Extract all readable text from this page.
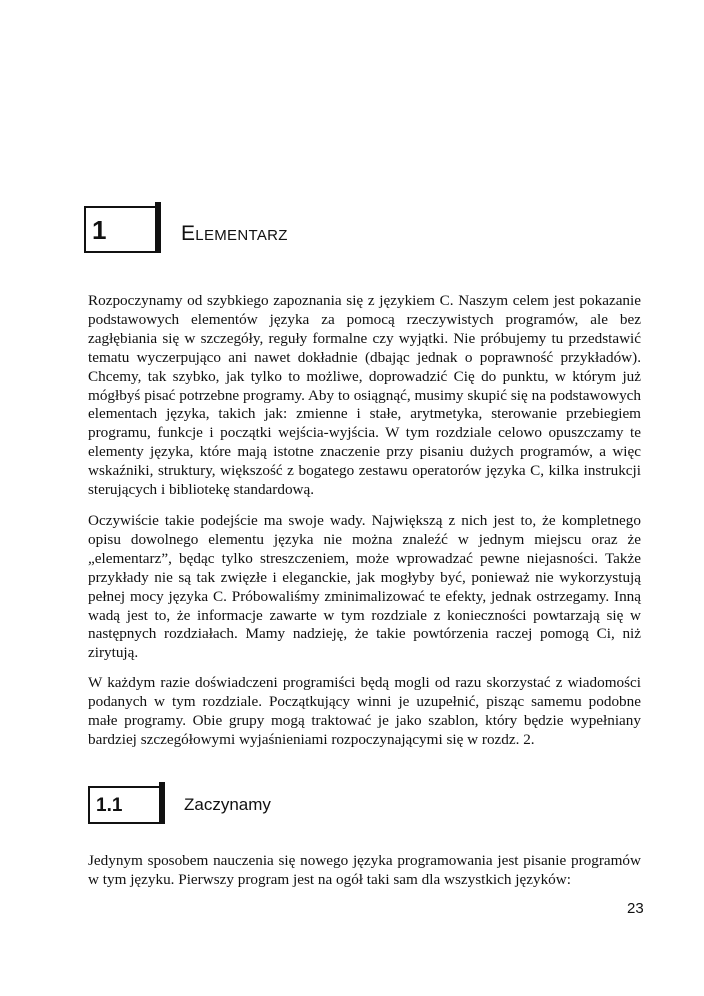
1	Elementarz

Rozpoczynamy od szybkiego zapoznania się z językiem C. Naszym celem jest pokazanie podstawowych elementów języka za pomocą rzeczywistych programów, ale bez zagłębiania się w szczegóły, reguły formalne czy wyjątki. Nie próbujemy tu przedstawić tematu wyczerpująco ani nawet dokładnie (dbając jednak o poprawność przykładów). Chcemy, tak szybko, jak tylko to możliwe, doprowadzić Cię do punktu, w którym już mógłbyś pisać potrzebne programy. Aby to osiągnąć, musimy skupić się na podstawowych elementach języka, takich jak: zmienne i stałe, arytmetyka, sterowanie przebiegiem programu, funkcje i początki wejścia-wyjścia. W tym rozdziale celowo opuszczamy te elementy języka, które mają istotne znaczenie przy pisaniu dużych programów, a więc wskaźniki, struktury, większość z bogatego zestawu operatorów języka C, kilka instrukcji sterujących i bibliotekę standardową.

Oczywiście takie podejście ma swoje wady. Największą z nich jest to, że kompletnego opisu dowolnego elementu języka nie można znaleźć w jednym miejscu oraz że „elementarz”, będąc tylko streszczeniem, może wprowadzać pewne niejasności. Także przykłady nie są tak zwięzłe i eleganckie, jak mogłyby być, ponieważ nie wykorzystują pełnej mocy języka C. Próbowaliśmy zminimalizować te efekty, jednak ostrzegamy. Inną wadą jest to, że informacje zawarte w tym rozdziale z konieczności powtarzają się w następnych rozdziałach. Mamy nadzieję, że takie powtórzenia raczej pomogą Ci, niż zirytują.

W każdym razie doświadczeni programiści będą mogli od razu skorzystać z wiadomości podanych w tym rozdziale. Początkujący winni je uzupełnić, pisząc samemu podobne małe programy. Obie grupy mogą traktować je jako szablon, który będzie wypełniany bardziej szczegółowymi wyjaśnieniami rozpoczynającymi się w rozdz. 2.

1.1	Zaczynamy

Jedynym sposobem nauczenia się nowego języka programowania jest pisanie programów w tym języku. Pierwszy program jest na ogół taki sam dla wszystkich języków:

23
